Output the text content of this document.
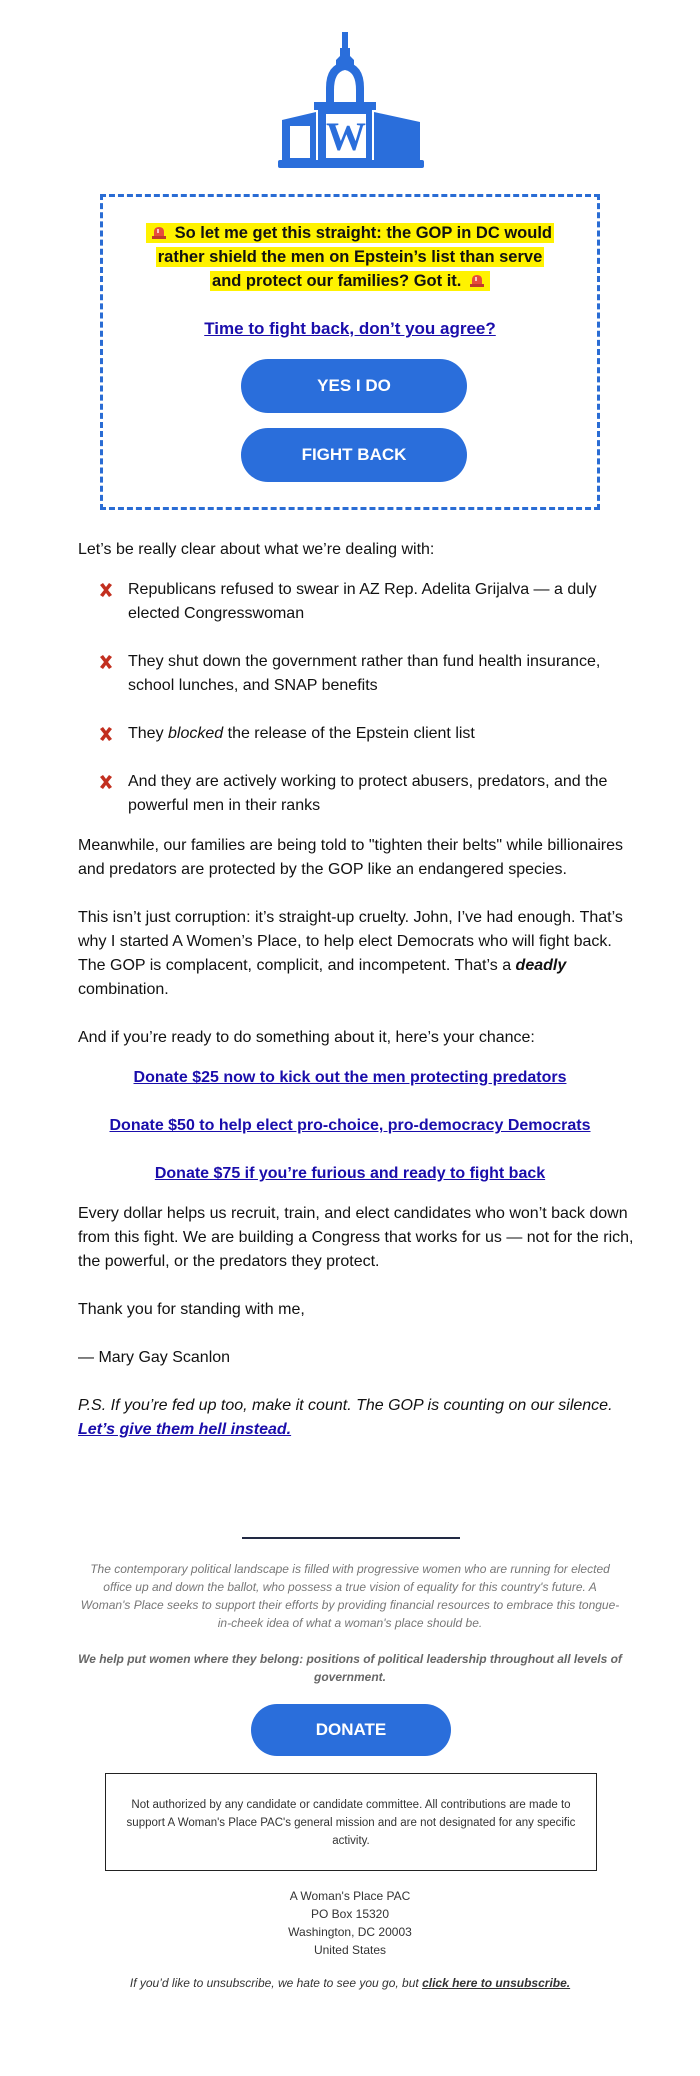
W
So let me get this straight: the GOP in DC would rather shield the men on Epstein’s list than serve and protect our families? Got it.
Time to fight back, don’t you agree?
YES I DO
FIGHT BACK
Let’s be really clear about what we’re dealing with:
Republicans refused to swear in AZ Rep. Adelita Grijalva — a duly elected Congresswoman
They shut down the government rather than fund health insurance, school lunches, and SNAP benefits
They blocked the release of the Epstein client list
And they are actively working to protect abusers, predators, and the powerful men in their ranks
Meanwhile, our families are being told to "tighten their belts" while billionaires and predators are protected by the GOP like an endangered species.
This isn’t just corruption: it’s straight-up cruelty. John, I’ve had enough. That’s why I started A Women’s Place, to help elect Democrats who will fight back. The GOP is complacent, complicit, and incompetent. That’s a deadly combination.
And if you’re ready to do something about it, here’s your chance:
Donate $25 now to kick out the men protecting predators
Donate $50 to help elect pro-choice, pro-democracy Democrats
Donate $75 if you’re furious and ready to fight back
Every dollar helps us recruit, train, and elect candidates who won’t back down from this fight. We are building a Congress that works for us — not for the rich, the powerful, or the predators they protect.
Thank you for standing with me,
— Mary Gay Scanlon
P.S. If you’re fed up too, make it count. The GOP is counting on our silence. Let’s give them hell instead.
The contemporary political landscape is filled with progressive women who are running for elected office up and down the ballot, who possess a true vision of equality for this country's future. A Woman's Place seeks to support their efforts by providing financial resources to embrace this tongue-in-cheek idea of what a woman's place should be.
We help put women where they belong: positions of political leadership throughout all levels of government.
DONATE
Not authorized by any candidate or candidate committee. All contributions are made to support A Woman's Place PAC's general mission and are not designated for any specific activity.
A Woman's Place PAC
PO Box 15320
Washington, DC 20003
United States
If you’d like to unsubscribe, we hate to see you go, but click here to unsubscribe.
